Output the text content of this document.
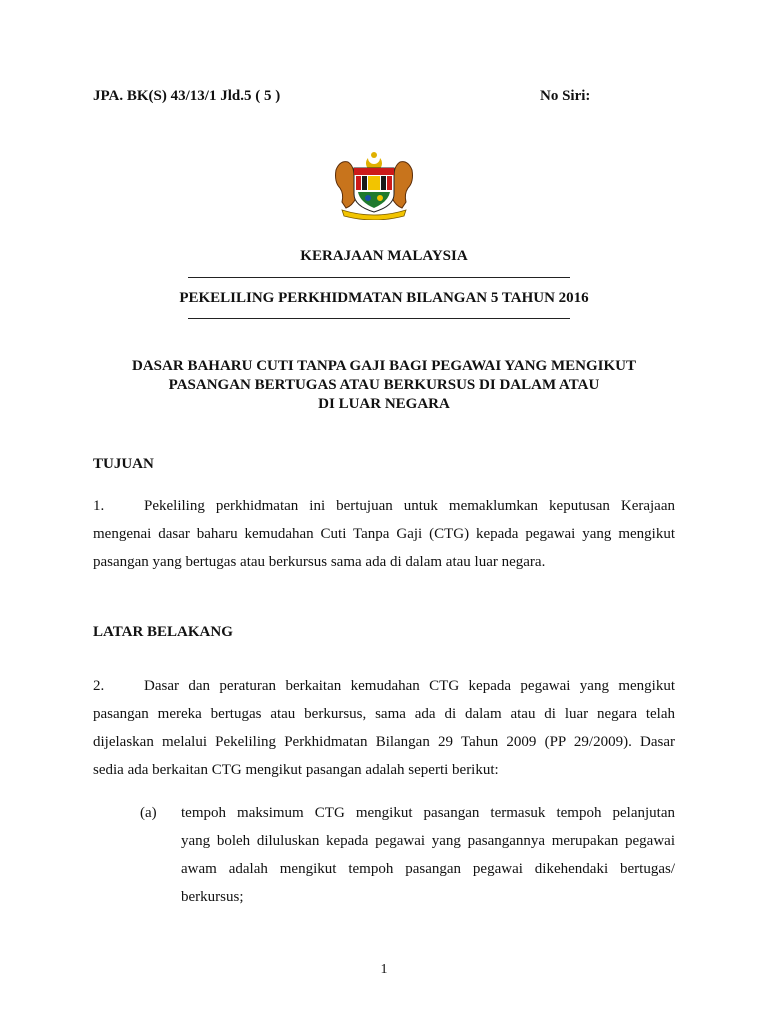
JPA. BK(S) 43/13/1 Jld.5 ( 5 )	No Siri:
KERAJAAN MALAYSIA
PEKELILING PERKHIDMATAN BILANGAN 5 TAHUN 2016
DASAR BAHARU CUTI TANPA GAJI BAGI PEGAWAI YANG MENGIKUT
PASANGAN BERTUGAS ATAU BERKURSUS DI DALAM ATAU
DI LUAR NEGARA
TUJUAN
1.	Pekeliling perkhidmatan ini bertujuan untuk memaklumkan keputusan Kerajaan
mengenai dasar baharu kemudahan Cuti Tanpa Gaji (CTG) kepada pegawai yang mengikut
pasangan yang bertugas atau berkursus sama ada di dalam atau luar negara.
LATAR BELAKANG
2.	Dasar dan peraturan berkaitan kemudahan CTG kepada pegawai yang mengikut
pasangan mereka bertugas atau berkursus, sama ada di dalam atau di luar negara telah
dijelaskan melalui Pekeliling Perkhidmatan Bilangan 29 Tahun 2009 (PP 29/2009). Dasar
sedia ada berkaitan CTG mengikut pasangan adalah seperti berikut:
(a) tempoh maksimum CTG mengikut pasangan termasuk tempoh pelanjutan
yang boleh diluluskan kepada pegawai yang pasangannya merupakan pegawai
awam adalah mengikut tempoh pasangan pegawai dikehendaki bertugas/
berkursus;
1
